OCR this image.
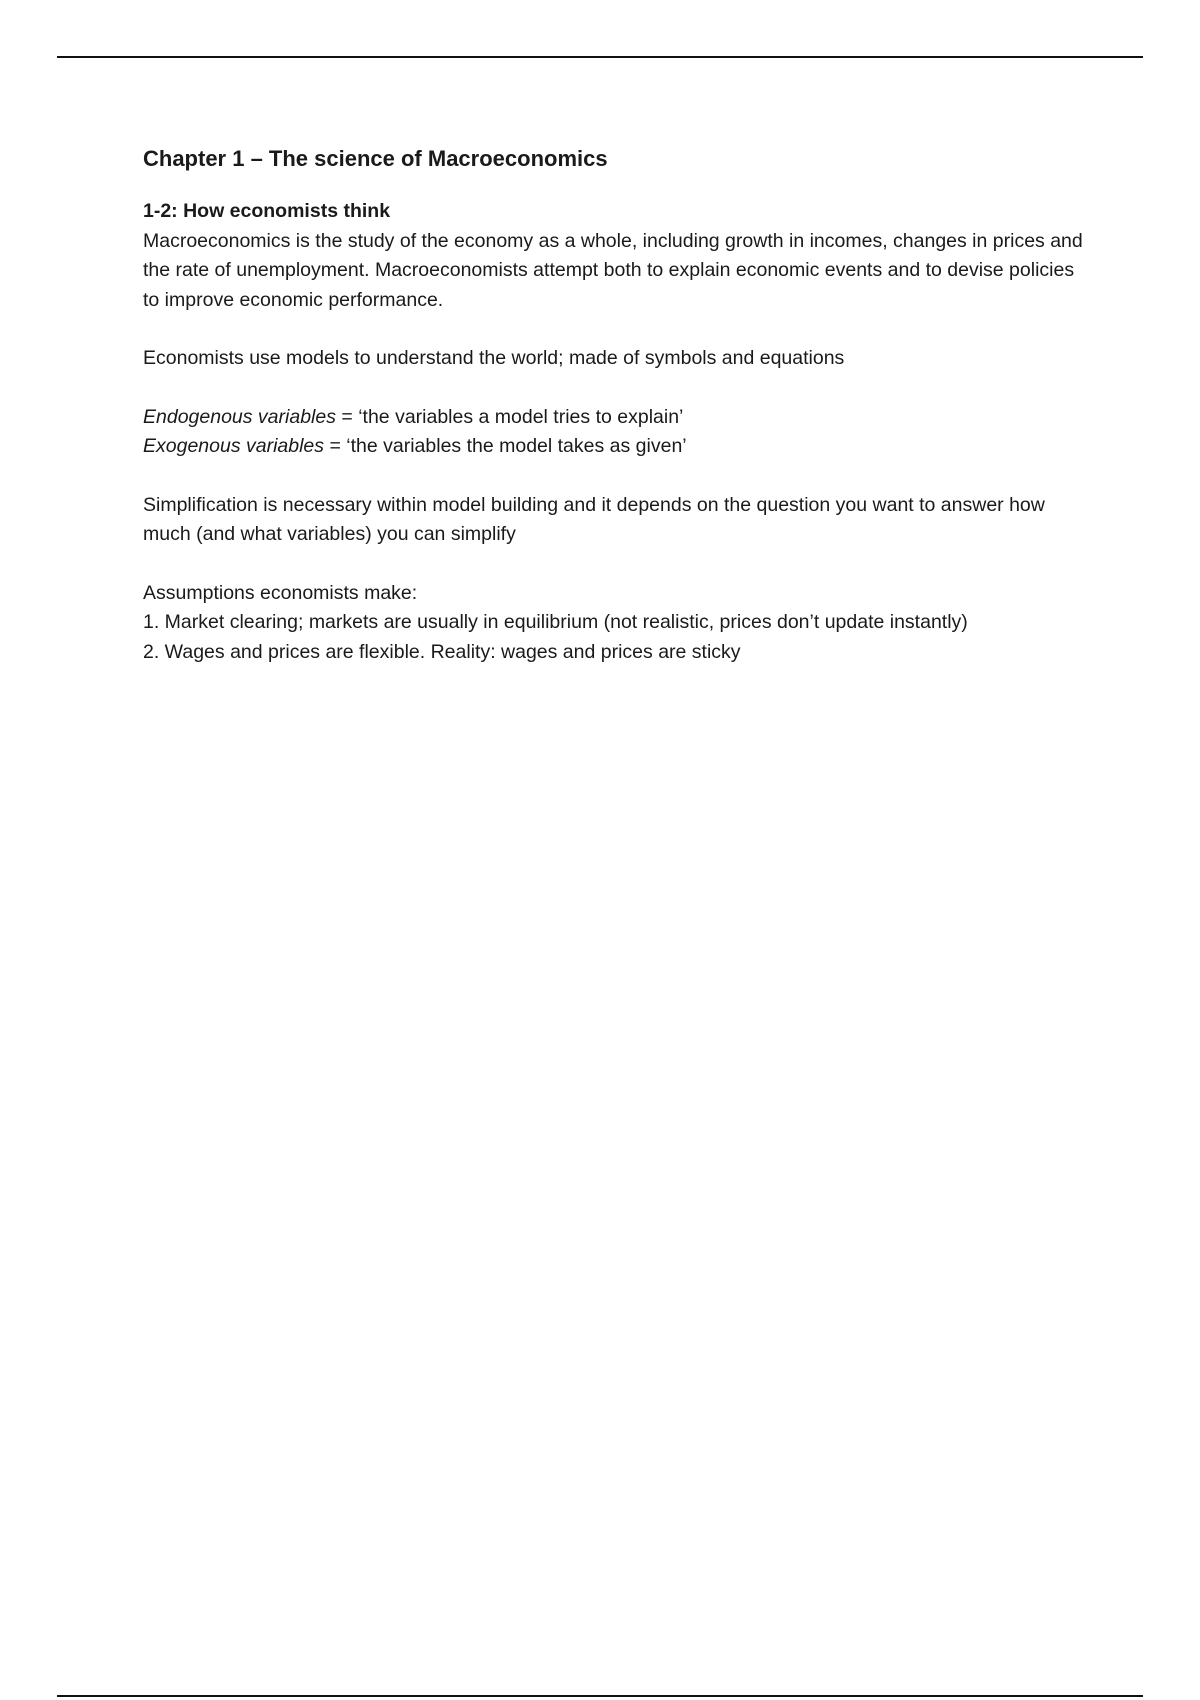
Chapter 1 – The science of Macroeconomics
1-2: How economists think

Macroeconomics is the study of the economy as a whole, including growth in incomes, changes in prices and the rate of unemployment. Macroeconomists attempt both to explain economic events and to devise policies to improve economic performance.

Economists use models to understand the world; made of symbols and equations

Endogenous variables = ‘the variables a model tries to explain’

Exogenous variables = ‘the variables the model takes as given’

Simplification is necessary within model building and it depends on the question you want to answer how much (and what variables) you can simplify

Assumptions economists make:

1. Market clearing; markets are usually in equilibrium (not realistic, prices don’t update instantly)

2. Wages and prices are flexible. Reality: wages and prices are sticky
